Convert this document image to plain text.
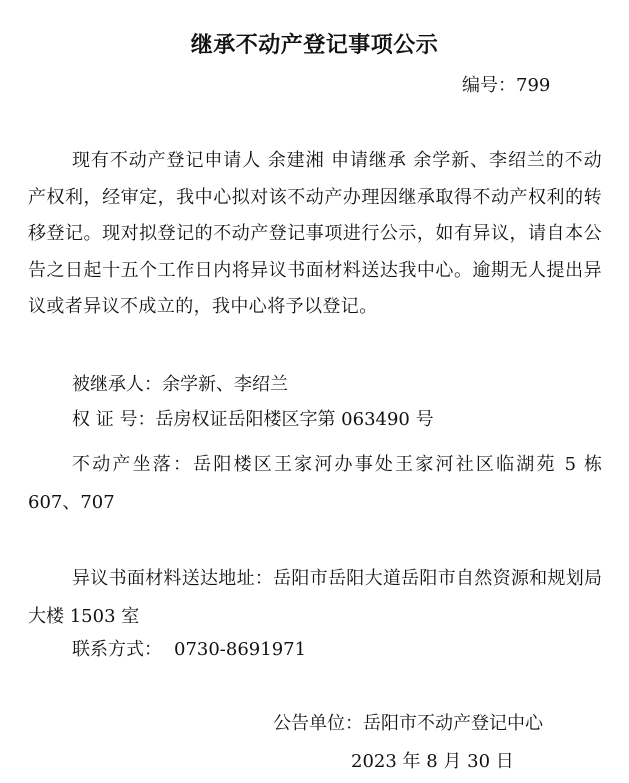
继承不动产登记事项公示
编号：799

现有不动产登记申请人 余建湘 申请继承 余学新、李绍兰的不动产权利，经审定，我中心拟对该不动产办理因继承取得不动产权利的转移登记。现对拟登记的不动产登记事项进行公示，如有异议，请自本公告之日起十五个工作日内将异议书面材料送达我中心。逾期无人提出异议或者异议不成立的，我中心将予以登记。

被继承人：余学新、李绍兰
权 证 号：岳房权证岳阳楼区字第 063490 号

不动产坐落：岳阳楼区王家河办事处王家河社区临湖苑 5 栋 607、707

异议书面材料送达地址：岳阳市岳阳大道岳阳市自然资源和规划局大楼 1503 室

联系方式： 0730-8691971
公告单位：岳阳市不动产登记中心
2023 年 8 月 30 日
